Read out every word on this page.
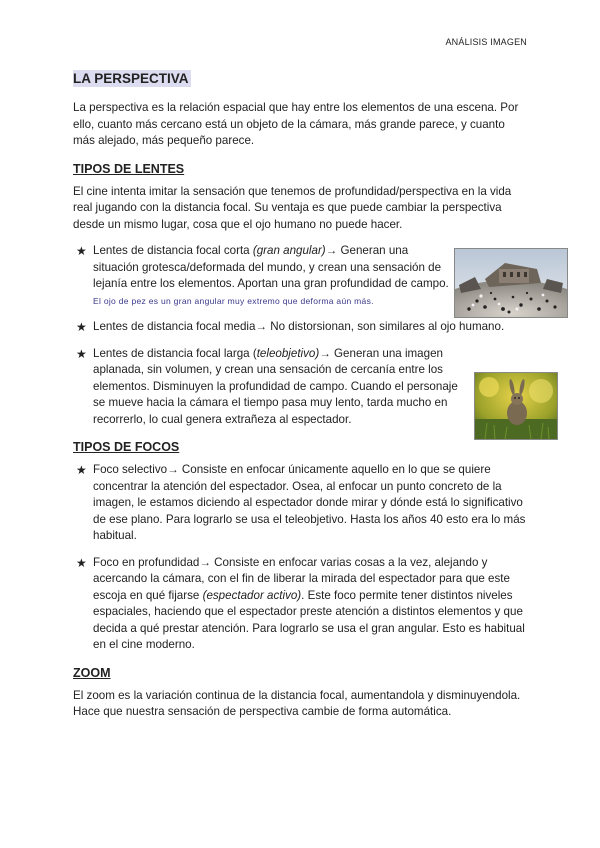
ANÁLISIS IMAGEN
LA PERSPECTIVA

La perspectiva es la relación espacial que hay entre los elementos de una escena. Por ello, cuanto más cercano está un objeto de la cámara, más grande parece, y cuanto más alejado, más pequeño parece.

TIPOS DE LENTES

El cine intenta imitar la sensación que tenemos de profundidad/perspectiva en la vida real jugando con la distancia focal. Su ventaja es que puede cambiar la perspectiva desde un mismo lugar, cosa que el ojo humano no puede hacer.

★ Lentes de distancia focal corta (gran angular)→ Generan una situación grotesca/deformada del mundo, y crean una sensación de lejanía entre los elementos. Aportan una gran profundidad de campo. El ojo de pez es un gran angular muy extremo que deforma aún más.
★ Lentes de distancia focal media→ No distorsionan, son similares al ojo humano.
★ Lentes de distancia focal larga (teleobjetivo)→ Generan una imagen aplanada, sin volumen, y crean una sensación de cercanía entre los elementos. Disminuyen la profundidad de campo. Cuando el personaje se mueve hacia la cámara el tiempo pasa muy lento, tarda mucho en recorrerlo, lo cual genera extrañeza al espectador.
TIPOS DE FOCOS
★ Foco selectivo→ Consiste en enfocar únicamente aquello en lo que se quiere concentrar la atención del espectador. Osea, al enfocar un punto concreto de la imagen, le estamos diciendo al espectador donde mirar y dónde está lo significativo de ese plano. Para lograrlo se usa el teleobjetivo. Hasta los años 40 esto era lo más habitual.
★ Foco en profundidad→ Consiste en enfocar varias cosas a la vez, alejando y acercando la cámara, con el fin de liberar la mirada del espectador para que este escoja en qué fijarse (espectador activo). Este foco permite tener distintos niveles espaciales, haciendo que el espectador preste atención a distintos elementos y que decida a qué prestar atención. Para lograrlo se usa el gran angular. Esto es habitual en el cine moderno.
ZOOM

El zoom es la variación continua de la distancia focal, aumentandola y disminuyendola. Hace que nuestra sensación de perspectiva cambie de forma automática.
